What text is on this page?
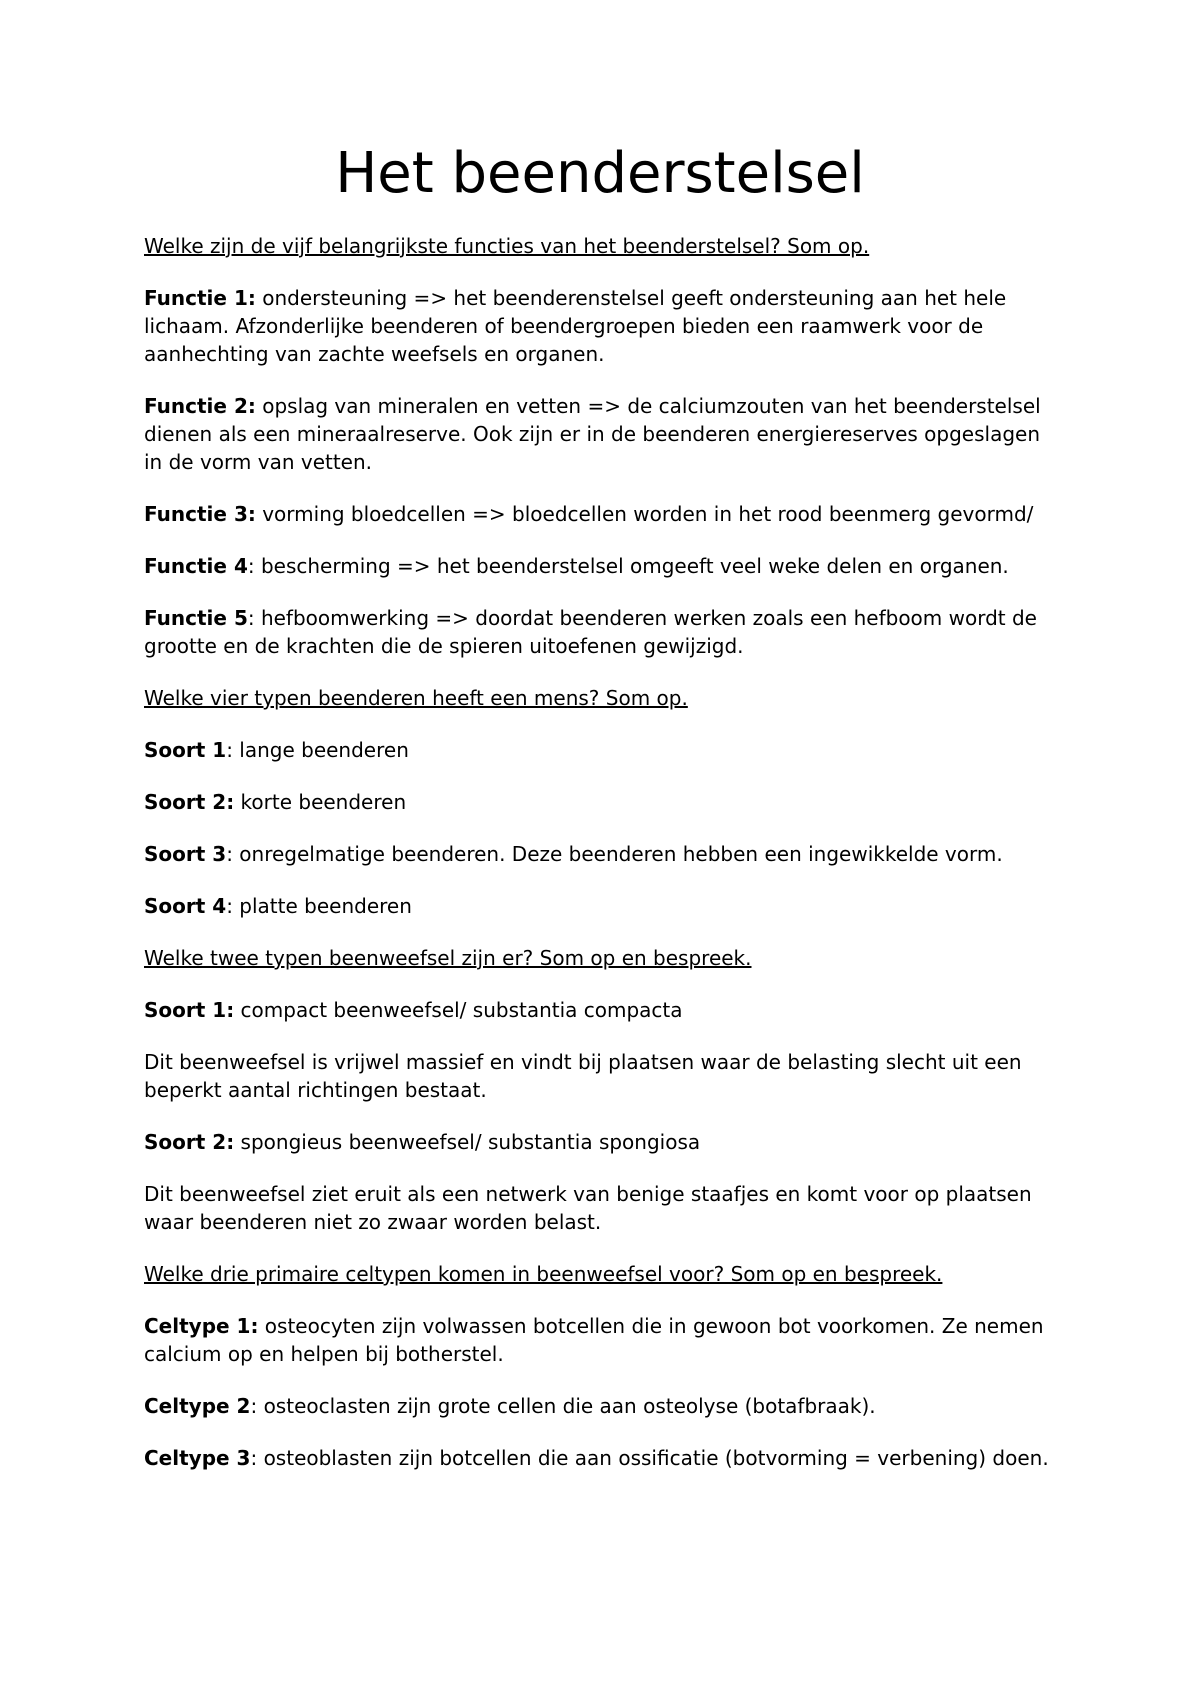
Het beenderstelsel

Welke zijn de vijf belangrijkste functies van het beenderstelsel? Som op.

Functie 1: ondersteuning => het beenderenstelsel geeft ondersteuning aan het hele lichaam. Afzonderlijke beenderen of beendergroepen bieden een raamwerk voor de aanhechting van zachte weefsels en organen.

Functie 2: opslag van mineralen en vetten => de calciumzouten van het beenderstelsel dienen als een mineraalreserve. Ook zijn er in de beenderen energiereserves opgeslagen in de vorm van vetten.

Functie 3: vorming bloedcellen => bloedcellen worden in het rood beenmerg gevormd/

Functie 4: bescherming => het beenderstelsel omgeeft veel weke delen en organen.

Functie 5: hefboomwerking => doordat beenderen werken zoals een hefboom wordt de grootte en de krachten die de spieren uitoefenen gewijzigd.

Welke vier typen beenderen heeft een mens? Som op.

Soort 1: lange beenderen

Soort 2: korte beenderen

Soort 3: onregelmatige beenderen. Deze beenderen hebben een ingewikkelde vorm.

Soort 4: platte beenderen

Welke twee typen beenweefsel zijn er? Som op en bespreek.

Soort 1: compact beenweefsel/ substantia compacta

Dit beenweefsel is vrijwel massief en vindt bij plaatsen waar de belasting slecht uit een beperkt aantal richtingen bestaat.

Soort 2: spongieus beenweefsel/ substantia spongiosa

Dit beenweefsel ziet eruit als een netwerk van benige staafjes en komt voor op plaatsen waar beenderen niet zo zwaar worden belast.

Welke drie primaire celtypen komen in beenweefsel voor? Som op en bespreek.

Celtype 1: osteocyten zijn volwassen botcellen die in gewoon bot voorkomen. Ze nemen calcium op en helpen bij botherstel.

Celtype 2: osteoclasten zijn grote cellen die aan osteolyse (botafbraak).

Celtype 3: osteoblasten zijn botcellen die aan ossificatie (botvorming = verbening) doen.
